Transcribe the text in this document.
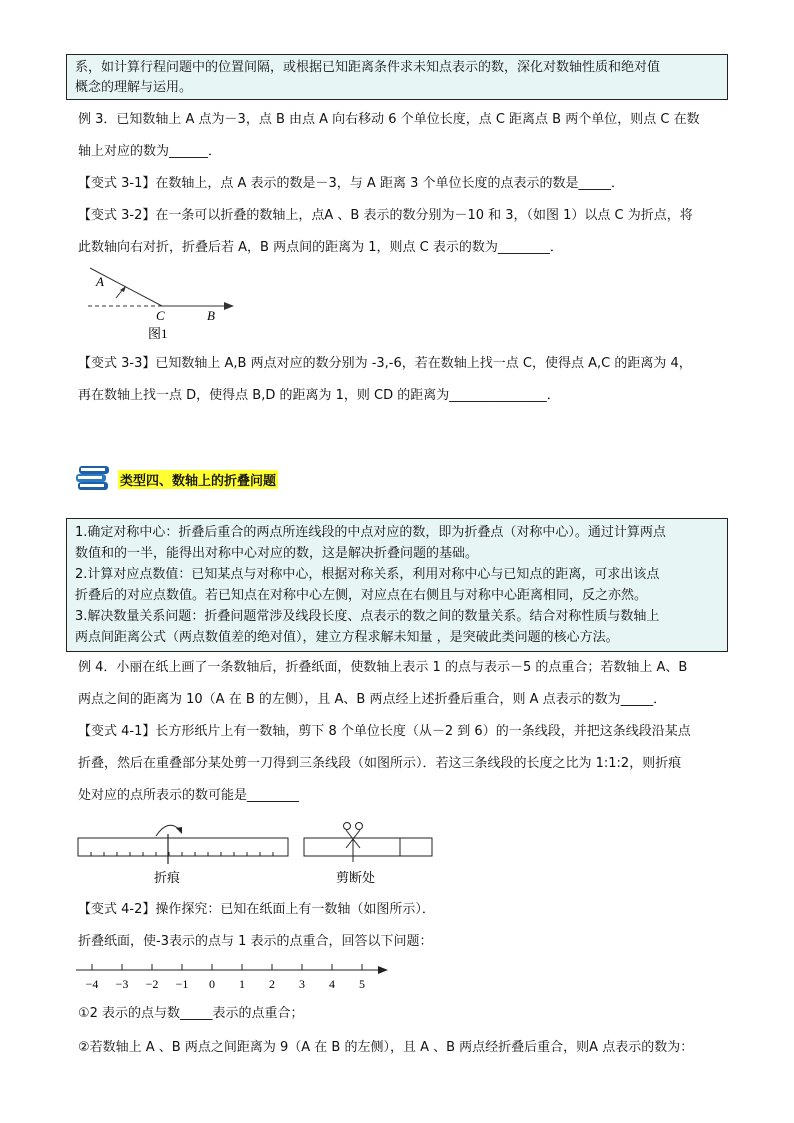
系，如计算行程问题中的位置间隔，或根据已知距离条件求未知点表示的数，深化对数轴性质和绝对值

概念的理解与运用。

例 3．已知数轴上 A 点为－3，点 B 由点 A 向右移动 6 个单位长度，点 C 距离点 B 两个单位，则点 C 在数
轴上对应的数为______．
【变式 3-1】在数轴上，点 A 表示的数是－3，与 A 距离 3 个单位长度的点表示的数是_____．
【变式 3-2】在一条可以折叠的数轴上，点A 、B 表示的数分别为－10 和 3，（如图 1）以点 C 为折点，将
此数轴向右对折，折叠后若 A，B 两点间的距离为 1，则点 C 表示的数为________．
A
C	B
图1
【变式 3-3】已知数轴上 A,B 两点对应的数分别为 -3,-6，若在数轴上找一点 C，使得点 A,C 的距离为 4，
再在数轴上找一点 D，使得点 B,D 的距离为 1，则 CD 的距离为_______________．
类型四、数轴上的折叠问题

1.确定对称中心：折叠后重合的两点所连线段的中点对应的数，即为折叠点（对称中心）。通过计算两点

数值和的一半，能得出对称中心对应的数，这是解决折叠问题的基础。

2.计算对应点数值：已知某点与对称中心，根据对称关系，利用对称中心与已知点的距离，可求出该点

折叠后的对应点数值。若已知点在对称中心左侧，对应点在右侧且与对称中心距离相同，反之亦然。

3.解决数量关系问题：折叠问题常涉及线段长度、点表示的数之间的数量关系。结合对称性质与数轴上

两点间距离公式（两点数值差的绝对值），建立方程求解未知量 ，是突破此类问题的核心方法。

例 4．小丽在纸上画了一条数轴后，折叠纸面，使数轴上表示 1 的点与表示－5 的点重合；若数轴上 A、B
两点之间的距离为 10（A 在 B 的左侧），且 A、B 两点经上述折叠后重合，则 A 点表示的数为_____．
【变式 4-1】长方形纸片上有一数轴，剪下 8 个单位长度（从－2 到 6）的一条线段，并把这条线段沿某点
折叠，然后在重叠部分某处剪一刀得到三条线段（如图所示）．若这三条线段的长度之比为 1:1:2，则折痕
处对应的点所表示的数可能是________
折痕	剪断处
【变式 4-2】操作探究：已知在纸面上有一数轴（如图所示）．
折叠纸面，使-3表示的点与 1 表示的点重合，回答以下问题：
−4 −3 −2 −1 0 1 2 3 4 5
①2 表示的点与数_____表示的点重合；
②若数轴上 A 、B 两点之间距离为 9（A 在 B 的左侧），且 A 、B 两点经折叠后重合，则A 点表示的数为：
